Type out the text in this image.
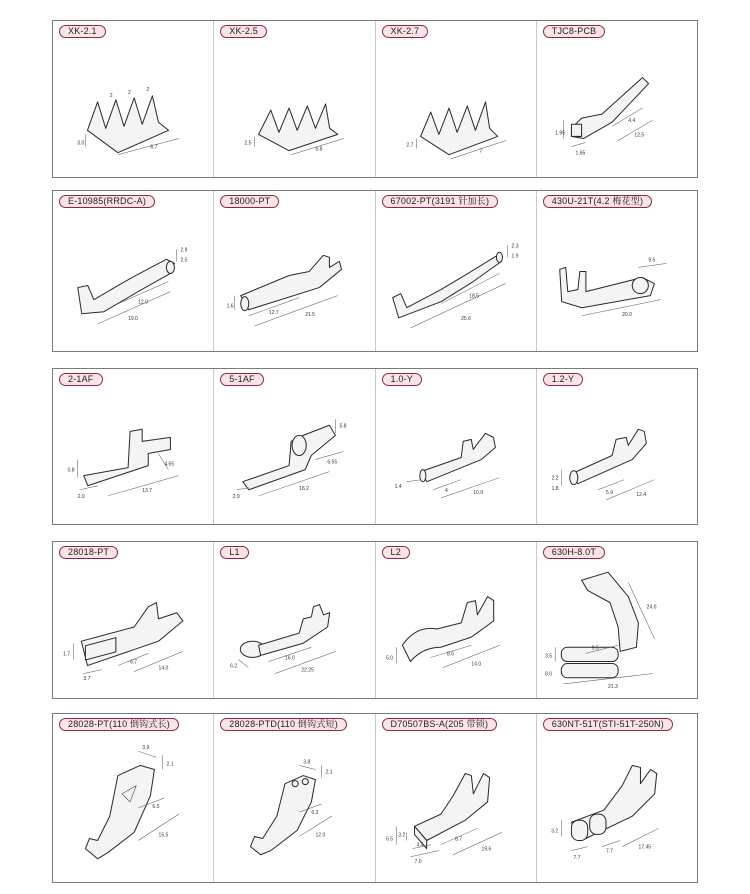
XK-2.1
2
2
2
3.0
6.7
XK-2.5
2.5
6.8
XK-2.7
2.7
7
TJC8-PCB
1.95
4.4
12.5
1.65
E-10985(RRDC-A)
2.9
2.5
12.0
19.0
18000-PT
1.6
12.7	21.5
67002-PT(3191 针加长)
2.3
1.9
18.5
25.6
430U-21T(4.2 梅花型)
9.5
20.0
2-1AF
0.8
2.9
4.65
13.7
5-1AF
5.8
6.55
16.2
2.9
1.0-Y
1.4
4	10.9
1.2-Y
2.2
1.8
5.9	12.4
28018-PT
1.7
3.7
6.7
14.0
L1
6.2
16.0
22.25
L2
5.0
8.6
14.0
630H-8.0T
24.0
9.5
3.5
8.0
21.3
28028-PT(110 倒钩式长)
3.9
2.1
6.5
15.5
28028-PTD(110 倒钩式短)
3.8
2.1
6.3
12.0
D70507BS-A(205 带锁)
6.5
3.2
4.4
7.0
8.7
19.6
630NT-51T(STI-51T-250N)
3.2
7.7
7.7
17.45
